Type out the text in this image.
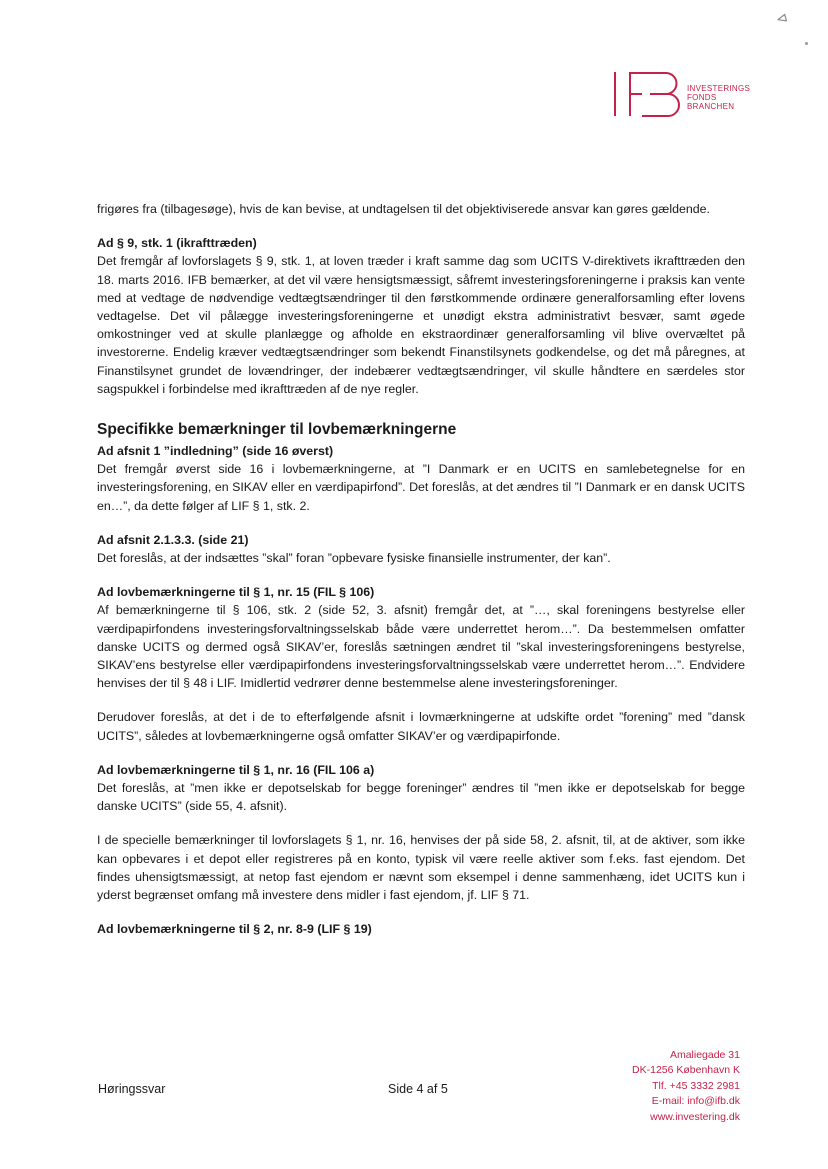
⊲
INVESTERINGS
FONDS
BRANCHEN

frigøres fra (tilbagesøge), hvis de kan bevise, at undtagelsen til det objektiviserede ansvar kan gøres gældende.

Ad § 9, stk. 1 (ikrafttræden)

Det fremgår af lovforslagets § 9, stk. 1, at loven træder i kraft samme dag som UCITS V-direktivets ikrafttræden den 18. marts 2016. IFB bemærker, at det vil være hensigtsmæssigt, såfremt investeringsforeningerne i praksis kan vente med at vedtage de nødvendige vedtægtsændringer til den førstkommende ordinære generalforsamling efter lovens vedtagelse. Det vil pålægge investeringsforeningerne et unødigt ekstra administrativt besvær, samt øgede omkostninger ved at skulle planlægge og afholde en ekstraordinær generalforsamling vil blive overvæltet på investorerne. Endelig kræver vedtægtsændringer som bekendt Finanstilsynets godkendelse, og det må påregnes, at Finanstilsynet grundet de lovændringer, der indebærer vedtægtsændringer, vil skulle håndtere en særdeles stor sagspukkel i forbindelse med ikrafttræden af de nye regler.

Specifikke bemærkninger til lovbemærkningerne

Ad afsnit 1 ”indledning” (side 16 øverst)

Det fremgår øverst side 16 i lovbemærkningerne, at ”I Danmark er en UCITS en samlebetegnelse for en investeringsforening, en SIKAV eller en værdipapirfond”. Det foreslås, at det ændres til ”I Danmark er en dansk UCITS en…”, da dette følger af LIF § 1, stk. 2.

Ad afsnit 2.1.3.3. (side 21)

Det foreslås, at der indsættes ”skal” foran ”opbevare fysiske finansielle instrumenter, der kan”.

Ad lovbemærkningerne til § 1, nr. 15 (FIL § 106)

Af bemærkningerne til § 106, stk. 2 (side 52, 3. afsnit) fremgår det, at ”…, skal foreningens bestyrelse eller værdipapirfondens investeringsforvaltningsselskab både være underrettet herom…”. Da bestemmelsen omfatter danske UCITS og dermed også SIKAV’er, foreslås sætningen ændret til ”skal investeringsforeningens bestyrelse, SIKAV’ens bestyrelse eller værdipapirfondens investeringsforvaltningsselskab være underrettet herom…”. Endvidere henvises der til § 48 i LIF. Imidlertid vedrører denne bestemmelse alene investeringsforeninger.

Derudover foreslås, at det i de to efterfølgende afsnit i lovmærkningerne at udskifte ordet ”forening” med ”dansk UCITS”, således at lovbemærkningerne også omfatter SIKAV’er og værdipapirfonde.

Ad lovbemærkningerne til § 1, nr. 16 (FIL 106 a)

Det foreslås, at ”men ikke er depotselskab for begge foreninger” ændres til ”men ikke er depotselskab for begge danske UCITS” (side 55, 4. afsnit).

I de specielle bemærkninger til lovforslagets § 1, nr. 16, henvises der på side 58, 2. afsnit, til, at de aktiver, som ikke kan opbevares i et depot eller registreres på en konto, typisk vil være reelle aktiver som f.eks. fast ejendom. Det findes uhensigtsmæssigt, at netop fast ejendom er nævnt som eksempel i denne sammenhæng, idet UCITS kun i yderst begrænset omfang må investere dens midler i fast ejendom, jf. LIF § 71.

Ad lovbemærkningerne til § 2, nr. 8-9 (LIF § 19)

Høringssvar	Side 4 af 5
Amaliegade 31
DK-1256 København K
Tlf. +45 3332 2981
E-mail: info@ifb.dk
www.investering.dk
